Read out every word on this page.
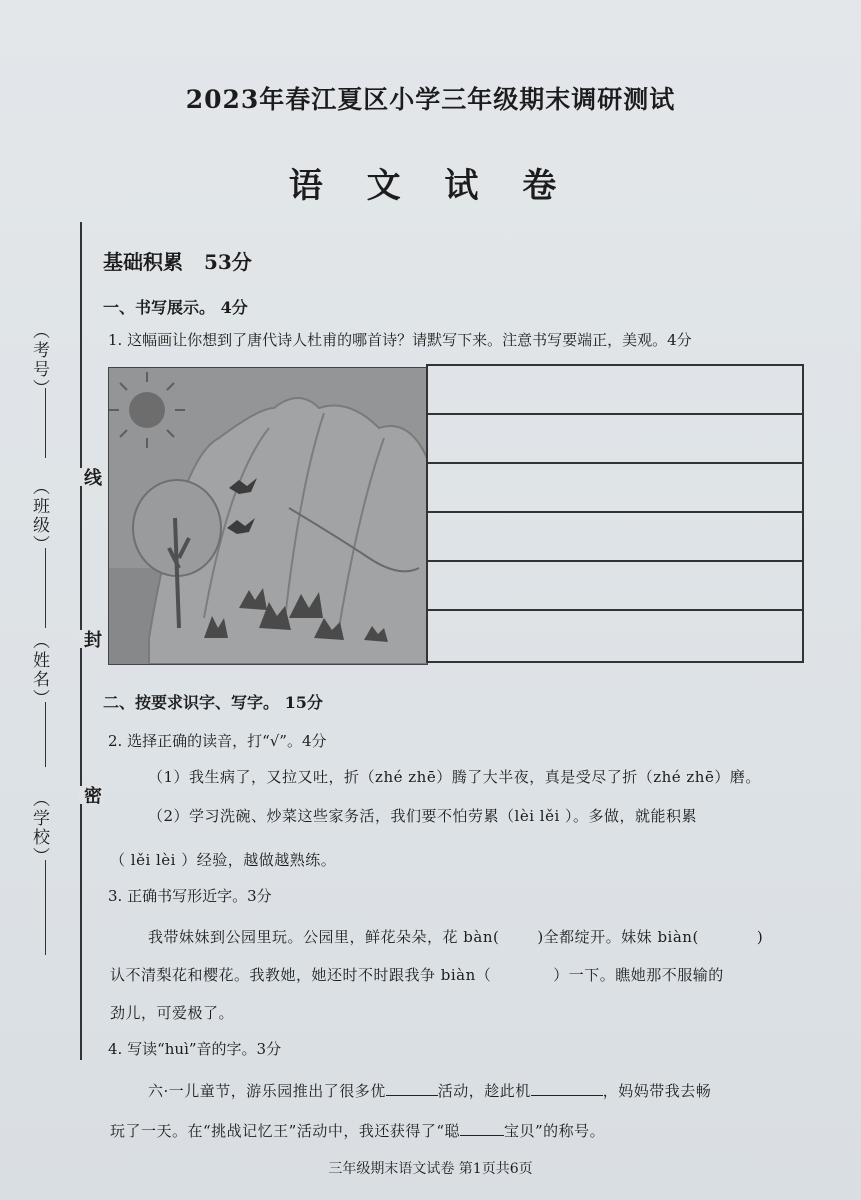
2023年春江夏区小学三年级期末调研测试
语 文 试 卷
（考号）
（班级）
（姓名）
（学校）
线
封
密
基础积累 53分
一、书写展示。 4分
1. 这幅画让你想到了唐代诗人杜甫的哪首诗？请默写下来。注意书写要端正，美观。4分
二、按要求识字、写字。 15分
2. 选择正确的读音，打“√”。4分
（1）我生病了，又拉又吐，折（zhé zhē）腾了大半夜，真是受尽了折（zhé zhē）磨。
（2）学习洗碗、炒菜这些家务活，我们要不怕劳累（lèi lěi ）。多做，就能积累
（ lěi lèi ）经验，越做越熟练。
3. 正确书写形近字。3分
我带妹妹到公园里玩。公园里，鲜花朵朵，花 bàn(	)全都绽开。妹妹 biàn(	)
认不清梨花和樱花。我教她，她还时不时跟我争 biàn（	）一下。瞧她那不服输的
劲儿，可爱极了。
4. 写读“huì”音的字。3分
六·一儿童节，游乐园推出了很多优	活动，趁此机	，妈妈带我去畅
玩了一天。在“挑战记忆王”活动中，我还获得了“聪	宝贝”的称号。
三年级期末语文试卷 第1页共6页
